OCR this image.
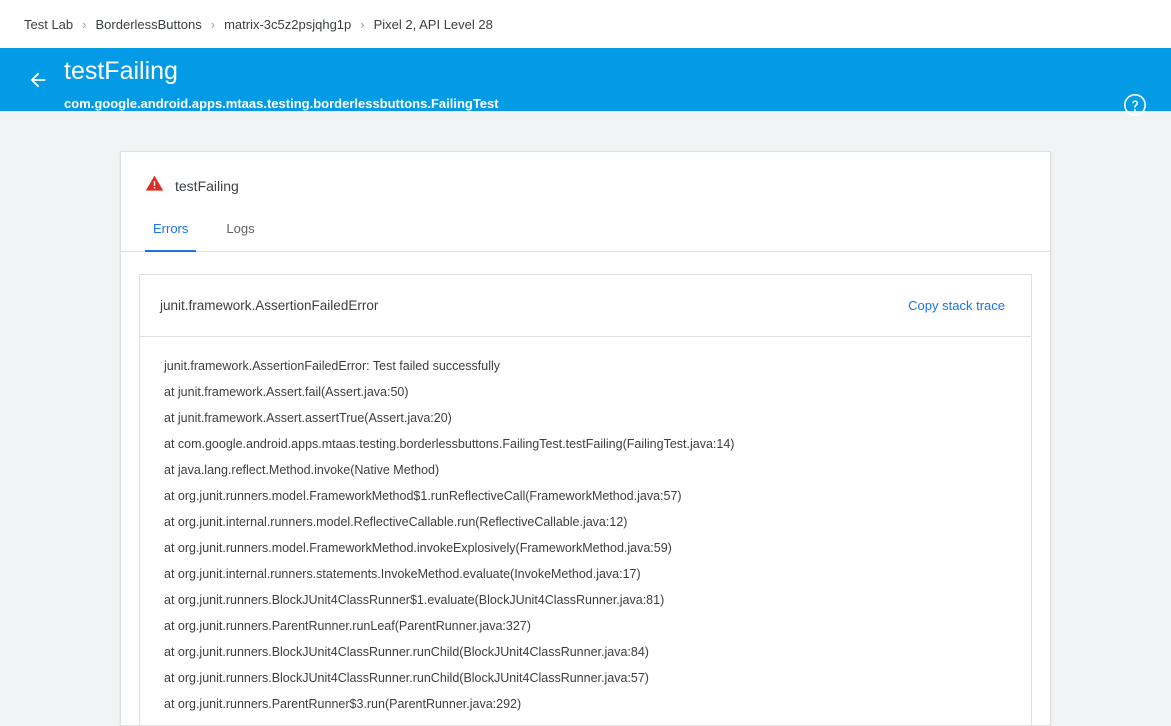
Test Lab › BorderlessButtons › matrix-3c5z2psjqhg1p › Pixel 2, API Level 28
testFailing
com.google.android.apps.mtaas.testing.borderlessbuttons.FailingTest
testFailing
Errors	Logs
junit.framework.AssertionFailedError	Copy stack trace
junit.framework.AssertionFailedError: Test failed successfully
at junit.framework.Assert.fail(Assert.java:50)
at junit.framework.Assert.assertTrue(Assert.java:20)
at com.google.android.apps.mtaas.testing.borderlessbuttons.FailingTest.testFailing(FailingTest.java:14)
at java.lang.reflect.Method.invoke(Native Method)
at org.junit.runners.model.FrameworkMethod$1.runReflectiveCall(FrameworkMethod.java:57)
at org.junit.internal.runners.model.ReflectiveCallable.run(ReflectiveCallable.java:12)
at org.junit.runners.model.FrameworkMethod.invokeExplosively(FrameworkMethod.java:59)
at org.junit.internal.runners.statements.InvokeMethod.evaluate(InvokeMethod.java:17)
at org.junit.runners.BlockJUnit4ClassRunner$1.evaluate(BlockJUnit4ClassRunner.java:81)
at org.junit.runners.ParentRunner.runLeaf(ParentRunner.java:327)
at org.junit.runners.BlockJUnit4ClassRunner.runChild(BlockJUnit4ClassRunner.java:84)
at org.junit.runners.BlockJUnit4ClassRunner.runChild(BlockJUnit4ClassRunner.java:57)
at org.junit.runners.ParentRunner$3.run(ParentRunner.java:292)
